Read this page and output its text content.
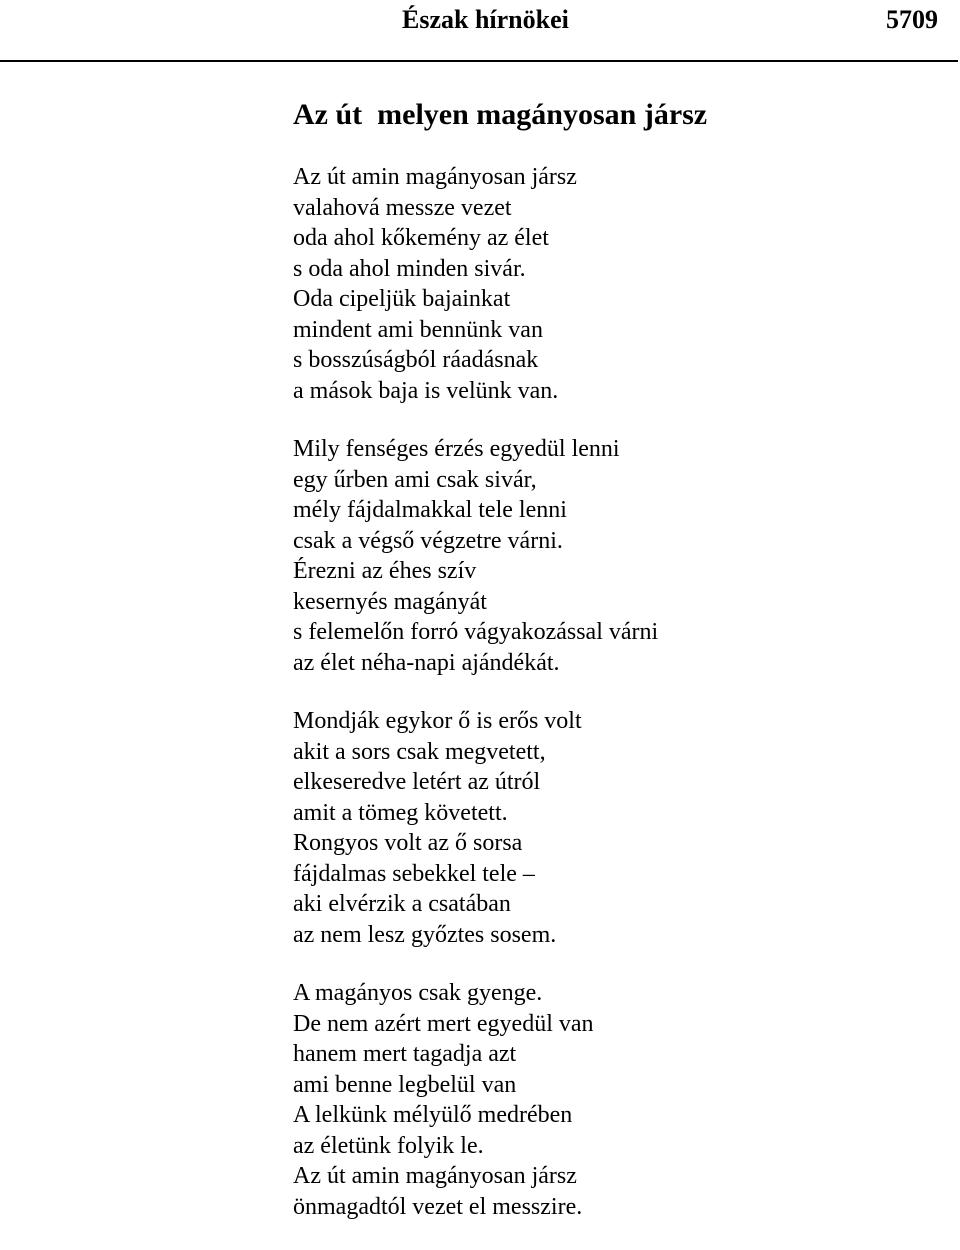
Észak hírnökei	5709
Az út  melyen magányosan jársz
Az út amin magányosan jársz
valahová messze vezet
oda ahol kőkemény az élet
s oda ahol minden sivár.
Oda cipeljük bajainkat
mindent ami bennünk van
s bosszúságból ráadásnak
a mások baja is velünk van.
Mily fenséges érzés egyedül lenni
egy űrben ami csak sivár,
mély fájdalmakkal tele lenni
csak a végső végzetre várni.
Érezni az éhes szív
kesernyés magányát
s felemelőn forró vágyakozással várni
az élet néha-napi ajándékát.
Mondják egykor ő is erős volt
akit a sors csak megvetett,
elkeseredve letért az útról
amit a tömeg követett.
Rongyos volt az ő sorsa
fájdalmas sebekkel tele –
aki elvérzik a csatában
az nem lesz győztes sosem.
A magányos csak gyenge.
De nem azért mert egyedül van
hanem mert tagadja azt
ami benne legbelül van
A lelkünk mélyülő medrében
az életünk folyik le.
Az út amin magányosan jársz
önmagadtól vezet el messzire.
